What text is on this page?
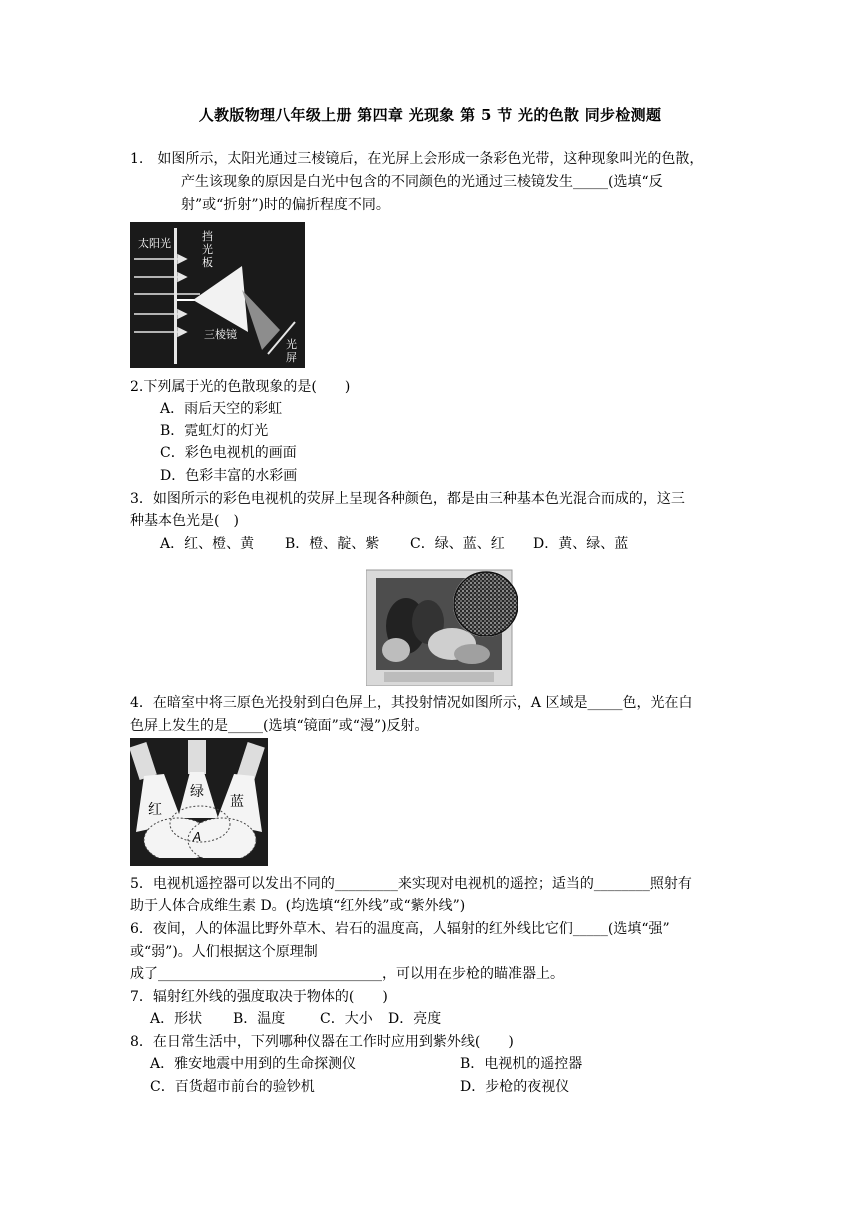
人教版物理八年级上册 第四章 光现象 第 5 节 光的色散 同步检测题
1.　如图所示，太阳光通过三棱镜后，在光屏上会形成一条彩色光带，这种现象叫光的色散，
产生该现象的原因是白光中包含的不同颜色的光通过三棱镜发生_____(选填“反
射”或“折射”)时的偏折程度不同。
太阳光
挡
光
板
三棱镜
光
屏
2.下列属于光的色散现象的是(　　)
A．雨后天空的彩虹
B．霓虹灯的灯光
C．彩色电视机的画面
D．色彩丰富的水彩画
3．如图所示的彩色电视机的荧屏上呈现各种颜色，都是由三种基本色光混合而成的，这三
种基本色光是(　)
A．红、橙、黄 B．橙、靛、紫 C．绿、蓝、红 D．黄、绿、蓝
4．在暗室中将三原色光投射到白色屏上，其投射情况如图所示，A 区域是_____色，光在白
色屏上发生的是_____(选填“镜面”或“漫”)反射。
红
绿
蓝
A
5．电视机遥控器可以发出不同的_________来实现对电视机的遥控；适当的________照射有
助于人体合成维生素 D。(均选填“红外线”或“紫外线”)
6．夜间，人的体温比野外草木、岩石的温度高，人辐射的红外线比它们_____(选填“强”
或“弱”)。人们根据这个原理制
成了________________________________，可以用在步枪的瞄准器上。
7．辐射红外线的强度取决于物体的(　　)
A．形状 B．温度 C．大小 D．亮度
8．在日常生活中，下列哪种仪器在工作时应用到紫外线(　　)
A．雅安地震中用到的生命探测仪	B．电视机的遥控器
C．百货超市前台的验钞机	D．步枪的夜视仪
